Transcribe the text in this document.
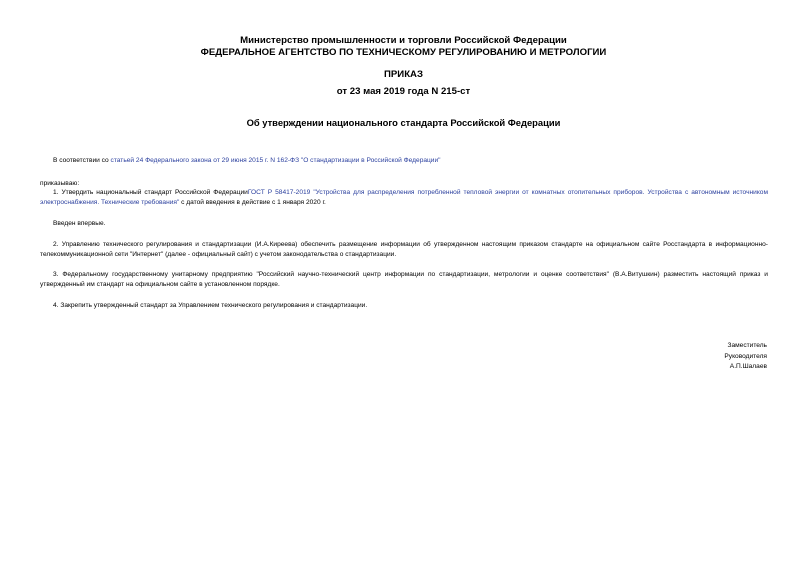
Министерство промышленности и торговли Российской Федерации
ФЕДЕРАЛЬНОЕ АГЕНТСТВО ПО ТЕХНИЧЕСКОМУ РЕГУЛИРОВАНИЮ И МЕТРОЛОГИИ
ПРИКАЗ
от 23 мая 2019 года N 215-ст
Об утверждении национального стандарта Российской Федерации
В соответствии со статьей 24 Федерального закона от 29 июня 2015 г. N 162-ФЗ "О стандартизации в Российской Федерации"
приказываю:
1. Утвердить национальный стандарт Российской ФедерацииГОСТ Р 58417-2019 "Устройства для распределения потребленной тепловой энергии от комнатных отопительных приборов. Устройства с автономным источником электроснабжения. Технические требования" с датой введения в действие с 1 января 2020 г.
Введен впервые.
2. Управлению технического регулирования и стандартизации (И.А.Киреева) обеспечить размещение информации об утвержденном настоящим приказом стандарте на официальном сайте Росстандарта в информационно-телекоммуникационной сети "Интернет" (далее - официальный сайт) с учетом законодательства о стандартизации.
3. Федеральному государственному унитарному предприятию "Российский научно-технический центр информации по стандартизации, метрологии и оценке соответствия" (В.А.Витушкин) разместить настоящий приказ и утвержденный им стандарт на официальном сайте в установленном порядке.
4. Закрепить утвержденный стандарт за Управлением технического регулирования и стандартизации.
Заместитель
Руководителя
А.П.Шалаев
